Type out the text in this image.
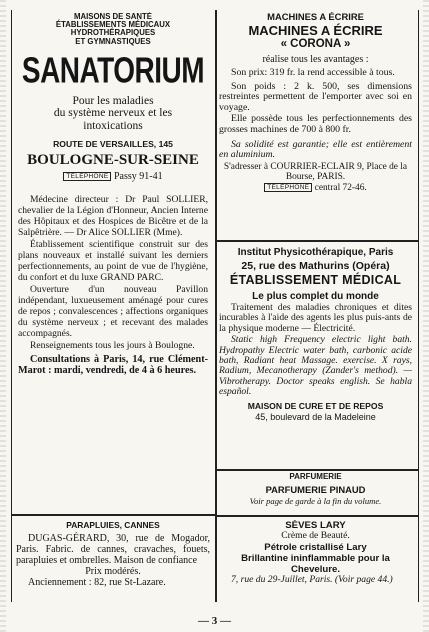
MAISONS DE SANTÉ
ÉTABLISSEMENTS MÉDICAUX
HYDROTHÉRAPIQUES
ET GYMNASTIQUES
SANATORIUM
Pour les maladies
du système nerveux et les
intoxications
ROUTE DE VERSAILLES, 145
BOULOGNE-SUR-SEINE
TÉLÉPHONE Passy 91-41
Médecine directeur : Dr Paul SOLLIER, chevalier de la Légion d'Honneur, Ancien Interne des Hôpitaux et des Hospices de Bicêtre et de la Salpêtrière. — Dr Alice SOLLIER (Mme).
Établissement scientifique construit sur des plans nouveaux et installé suivant les derniers perfectionnements, au point de vue de l'hygiène, du confort et du luxe GRAND PARC.
Ouverture d'un nouveau Pavillon indépendant, luxueusement aménagé pour cures de repos ; convalescences ; affections organiques du système nerveux ; et recevant des malades accompagnés.
Renseignements tous les jours à Boulogne.
Consultations à Paris, 14, rue Clément-Marot : mardi, vendredi, de 4 à 6 heures.
PARAPLUIES, CANNES
DUGAS-GÉRARD, 30, rue de Mogador, Paris. Fabric. de cannes, cravaches, fouets, parapluies et ombrelles. Maison de confiance
Prix modérés.
Anciennement : 82, rue St-Lazare.
MACHINES A ÉCRIRE
MACHINES A ÉCRIRE
« CORONA »
réalise tous les avantages :
Son prix: 319 fr. la rend accessible à tous.
Son poids : 2 k. 500, ses dimensions restreintes permettent de l'emporter avec soi en voyage.
Elle possède tous les perfectionnements des grosses machines de 700 à 800 fr.
Sa solidité est garantie; elle est entièrement en aluminium.
S'adresser à COURRIER-ECLAIR 9, Place de la Bourse, PARIS.
TÉLÉPHONE central 72-46.
Institut Physicothérapique, Paris
25, rue des Mathurins (Opéra)
ÉTABLISSEMENT MÉDICAL
Le plus complet du monde
Traitement des maladies chroniques et dites incurables à l'aide des agents les plus puis-ants de la physique moderne — Électricité.
Static high Frequency electric light bath. Hydropathy Electric water bath, carbonic acide bath, Radiant heat Massage. exercise. X rays, Radium, Mecanotherapy (Zander's method). — Vibrotherapy. Doctor speaks english. Se habla español.
MAISON DE CURE ET DE REPOS
45, boulevard de la Madeleine
PARFUMERIE
PARFUMERIE PINAUD
Voir page de garde à la fin du volume.
SÈVES LARY
Crème de Beauté.
Pétrole cristallisé Lary
Brillantine ininflammable pour la Chevelure.
7, rue du 29-Juillet, Paris. (Voir page 44.)
— 3 —
